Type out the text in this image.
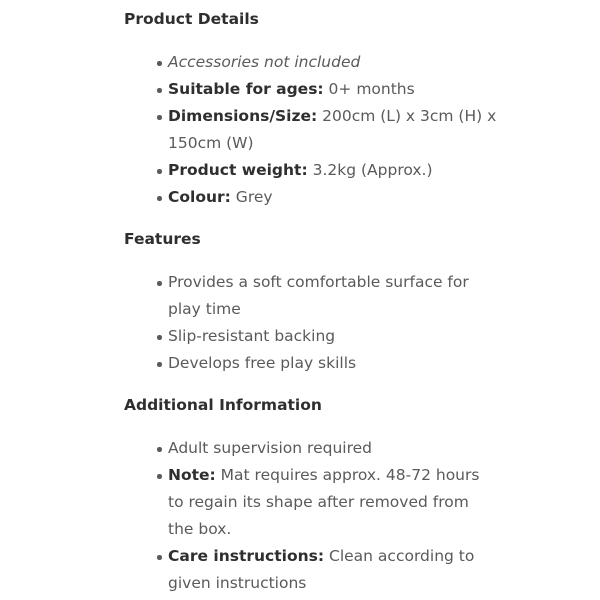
Product Details
Accessories not included
Suitable for ages: 0+ months
Dimensions/Size: 200cm (L) x 3cm (H) x 150cm (W)
Product weight: 3.2kg (Approx.)
Colour: Grey
Features
Provides a soft comfortable surface for play time
Slip-resistant backing
Develops free play skills
Additional Information
Adult supervision required
Note: Mat requires approx. 48-72 hours to regain its shape after removed from the box.
Care instructions: Clean according to given instructions
